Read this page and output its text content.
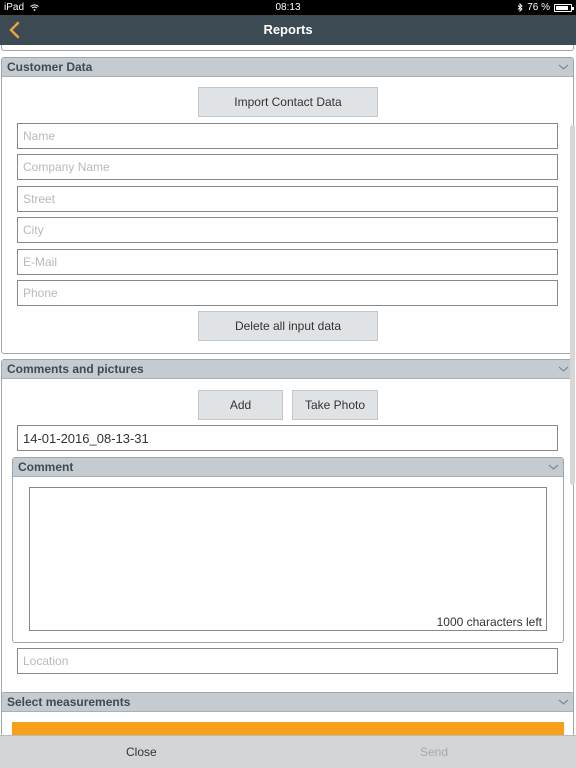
iPad	08:13	76 %
Reports
Customer Data
Import Contact Data
Name
Company Name
Street
City
E-Mail
Phone
Delete all input data
Comments and pictures
Add	Take Photo
14-01-2016_08-13-31
Comment
1000 characters left
Location
Select measurements
Close	Send
